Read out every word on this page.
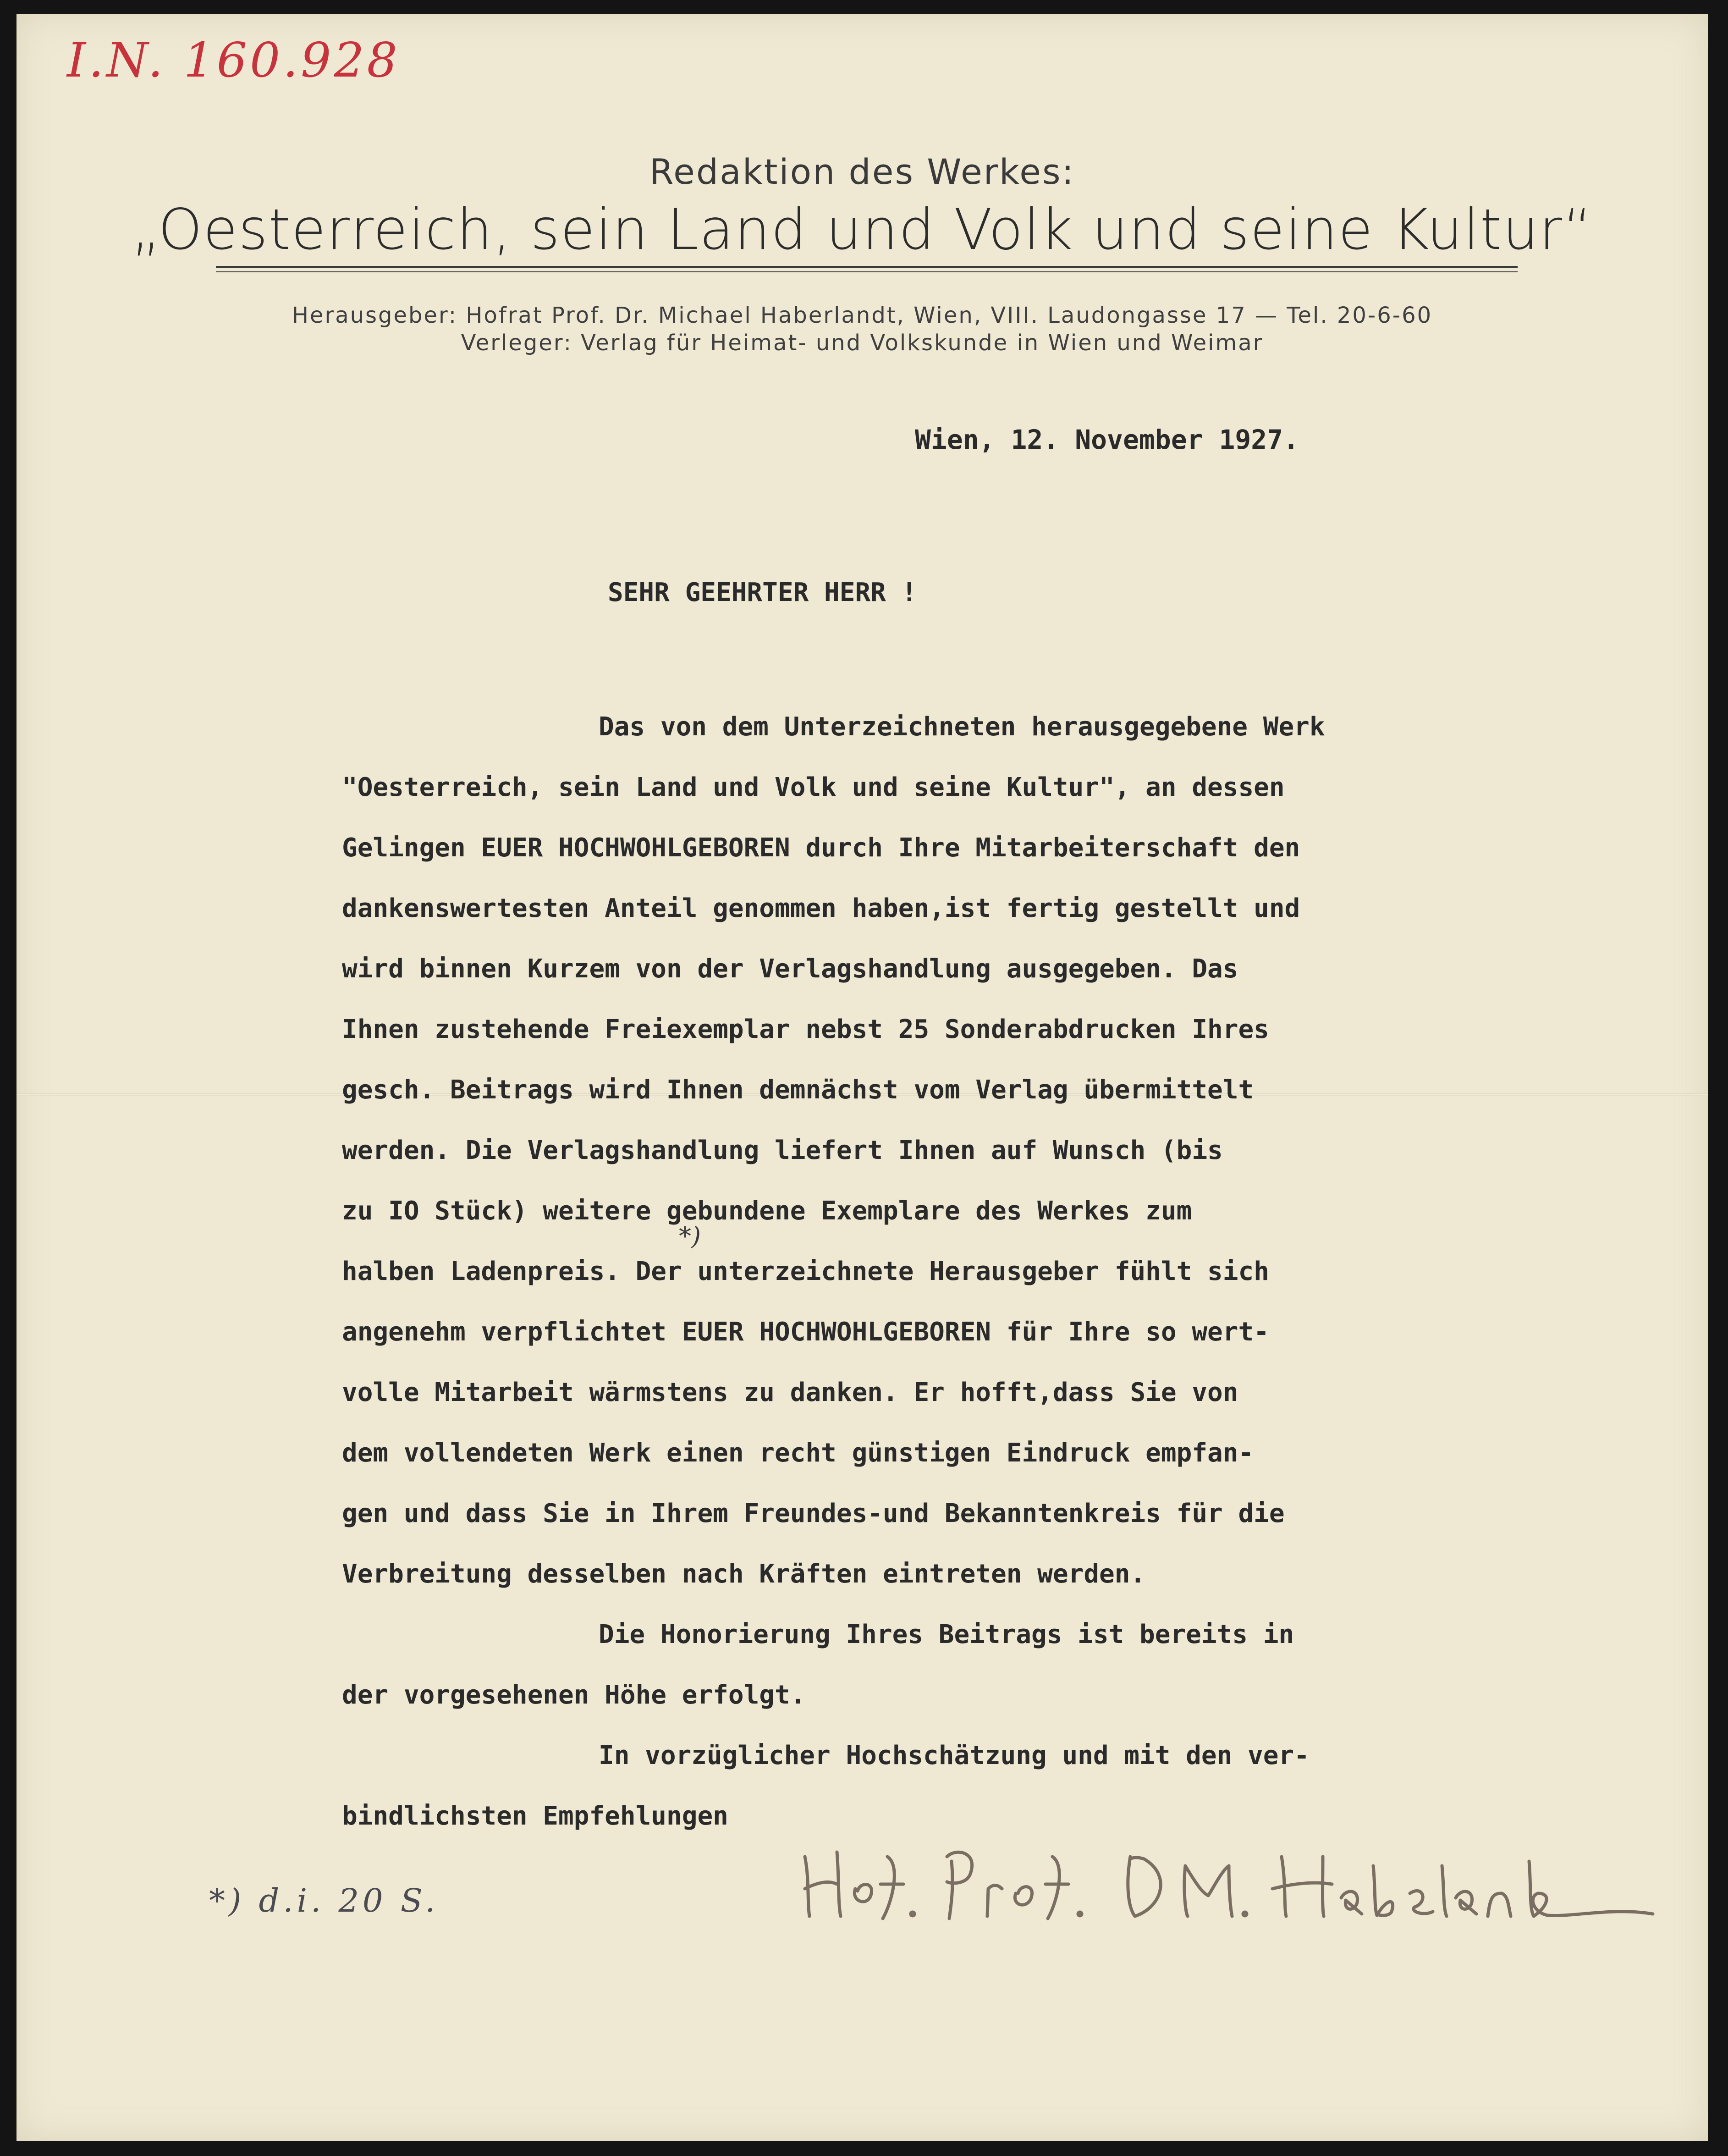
I.N. 160.928
Redaktion des Werkes:
„Oesterreich, sein Land und Volk und seine Kultur“
Herausgeber: Hofrat Prof. Dr. Michael Haberlandt, Wien, VIII. Laudongasse 17 — Tel. 20-6-60
Verleger: Verlag für Heimat- und Volkskunde in Wien und Weimar
Wien, 12. November 1927.
SEHR GEEHRTER HERR !
Das von dem Unterzeichneten herausgegebene Werk
"Oesterreich, sein Land und Volk und seine Kultur", an dessen
Gelingen EUER HOCHWOHLGEBOREN durch Ihre Mitarbeiterschaft den
dankenswertesten Anteil genommen haben,ist fertig gestellt und
wird binnen Kurzem von der Verlagshandlung ausgegeben. Das
Ihnen zustehende Freiexemplar nebst 25 Sonderabdrucken Ihres
gesch. Beitrags wird Ihnen demnächst vom Verlag übermittelt
werden. Die Verlagshandlung liefert Ihnen auf Wunsch (bis
zu IO Stück) weitere gebundene Exemplare des Werkes zum
halben Ladenpreis. Der unterzeichnete Herausgeber fühlt sich
angenehm verpflichtet EUER HOCHWOHLGEBOREN für Ihre so wert-
volle Mitarbeit wärmstens zu danken. Er hofft,dass Sie von
dem vollendeten Werk einen recht günstigen Eindruck empfan-
gen und dass Sie in Ihrem Freundes-und Bekanntenkreis für die
Verbreitung desselben nach Kräften eintreten werden.
Die Honorierung Ihres Beitrags ist bereits in
der vorgesehenen Höhe erfolgt.
In vorzüglicher Hochschätzung und mit den ver-
bindlichsten Empfehlungen
*)
*) d.i. 20 S.
